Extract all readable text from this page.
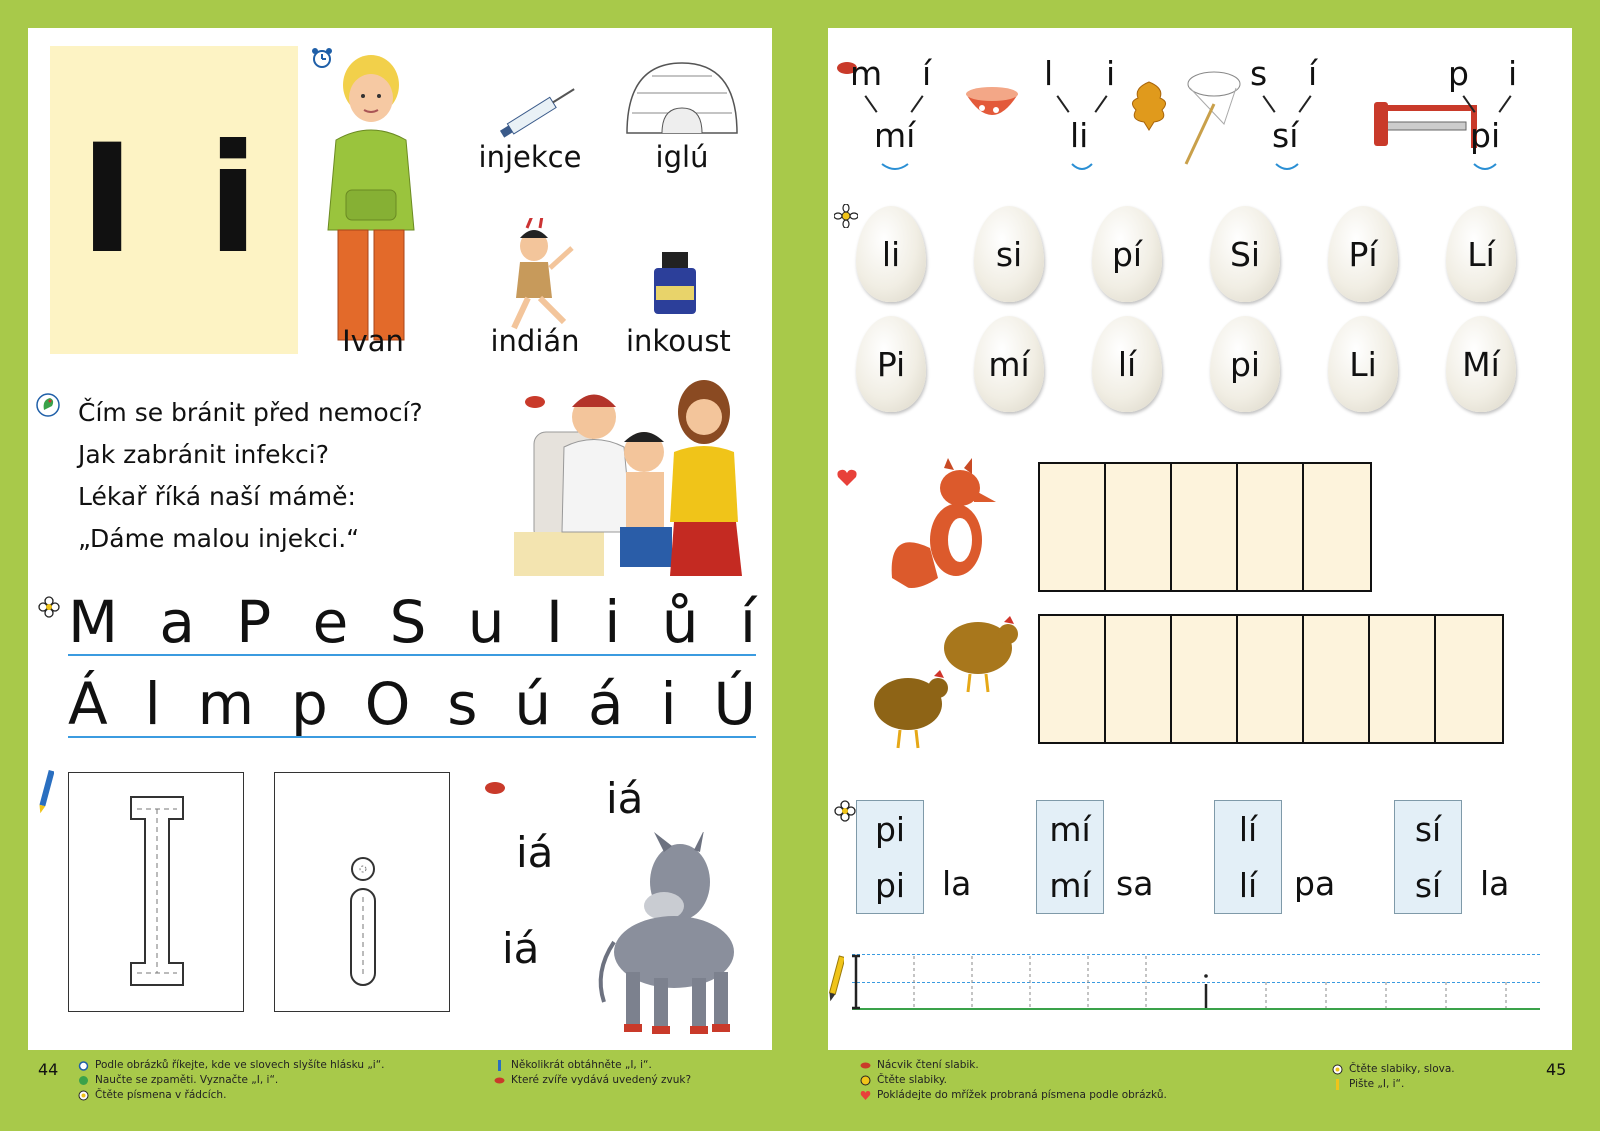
I i
Ivan
injekce	iglú
indián	inkoust
Čím se bránit před nemocí?
Jak zabránit infekci?
Lékař říká naší mámě:
„Dáme malou injekci.“
M a P e S u I i ů í
Á l m p O s ú á i Ú
iá
iá
iá
44	Podle obrázků říkejte, kde ve slovech slyšíte hlásku „i“.
Naučte se zpaměti. Vyznačte „I, i“.
Čtěte písmena v řádcích.
Několikrát obtáhněte „I, i“.
Které zvíře vydává uvedený zvuk?
m í
mí
l i
li
s í
sí
p i
pi
li	si	pí	Si	Pí	Lí
Pi	mí	lí	pi	Li	Mí
pi
pi la
mí
mí sa
lí
lí pa
sí
sí la
Nácvik čtení slabik.
Čtěte slabiky.
Pokládejte do mřížek probraná písmena podle obrázků.
Čtěte slabiky, slova.
Pište „I, i“.
45
